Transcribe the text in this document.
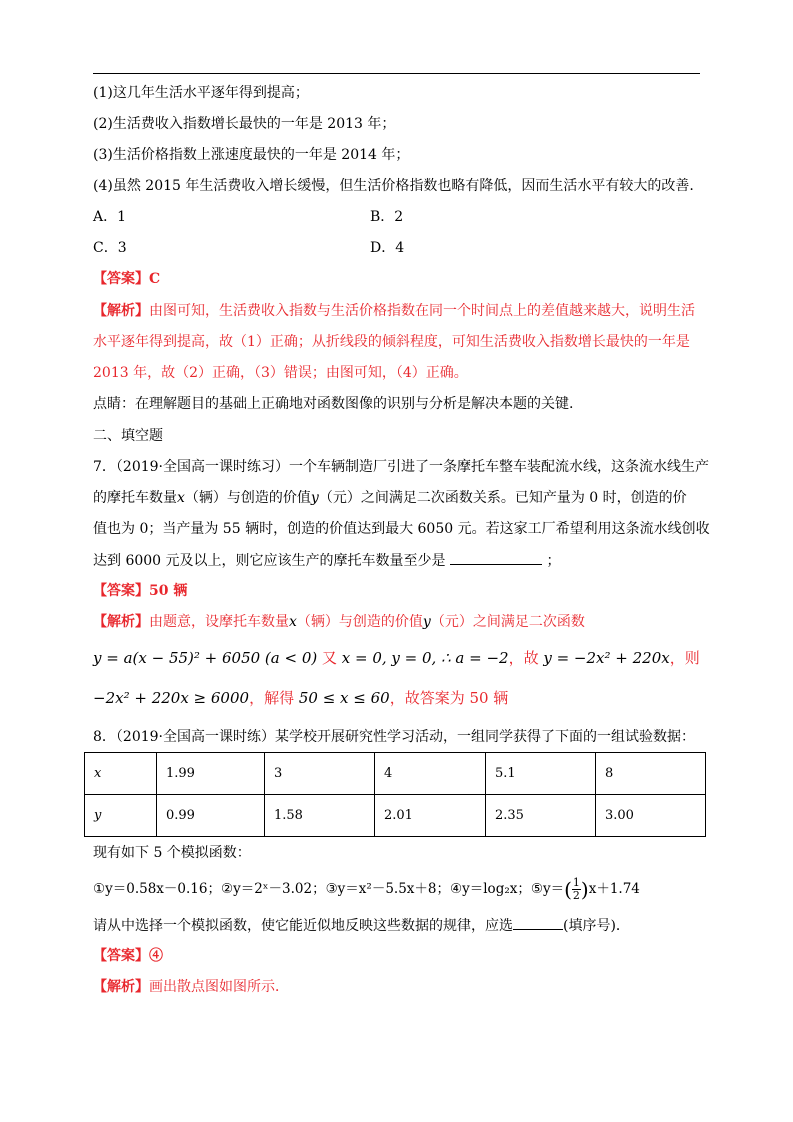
(1)这几年生活水平逐年得到提高；
(2)生活费收入指数增长最快的一年是 2013 年；
(3)生活价格指数上涨速度最快的一年是 2014 年；
(4)虽然 2015 年生活费收入增长缓慢，但生活价格指数也略有降低，因而生活水平有较大的改善.
A．1	B．2
C．3	D．4
【答案】C
【解析】由图可知，生活费收入指数与生活价格指数在同一个时间点上的差值越来越大，说明生活
水平逐年得到提高，故（1）正确；从折线段的倾斜程度，可知生活费收入指数增长最快的一年是
2013 年，故（2）正确，（3）错误；由图可知，（4）正确。
点睛：在理解题目的基础上正确地对函数图像的识别与分析是解决本题的关键.
二、填空题
7．（2019·全国高一课时练习）一个车辆制造厂引进了一条摩托车整车装配流水线，这条流水线生产
的摩托车数量x（辆）与创造的价值y（元）之间满足二次函数关系。已知产量为 0 时，创造的价
值也为 0；当产量为 55 辆时，创造的价值达到最大 6050 元。若这家工厂希望利用这条流水线创收
达到 6000 元及以上，则它应该生产的摩托车数量至少是	；
【答案】50 辆
【解析】由题意，设摩托车数量x（辆）与创造的价值y（元）之间满足二次函数
y = a(x − 55)² + 6050 (a < 0) 又 x = 0, y = 0, ∴ a = −2，故 y = −2x² + 220x，则
−2x² + 220x ≥ 6000，解得 50 ≤ x ≤ 60，故答案为 50 辆
8．（2019·全国高一课时练）某学校开展研究性学习活动，一组同学获得了下面的一组试验数据：
x	1.99	3	4	5.1	8
y	0.99	1.58	2.01	2.35	3.00
现有如下 5 个模拟函数：
①y＝0.58x－0.16；②y＝2ˣ－3.02；③y＝x²－5.5x＋8；④y＝log₂x；⑤y＝( $\frac{1}{2} )x+1.74$
请从中选择一个模拟函数，使它能近似地反映这些数据的规律，应选	(填序号)．
【答案】④
【解析】画出散点图如图所示．
